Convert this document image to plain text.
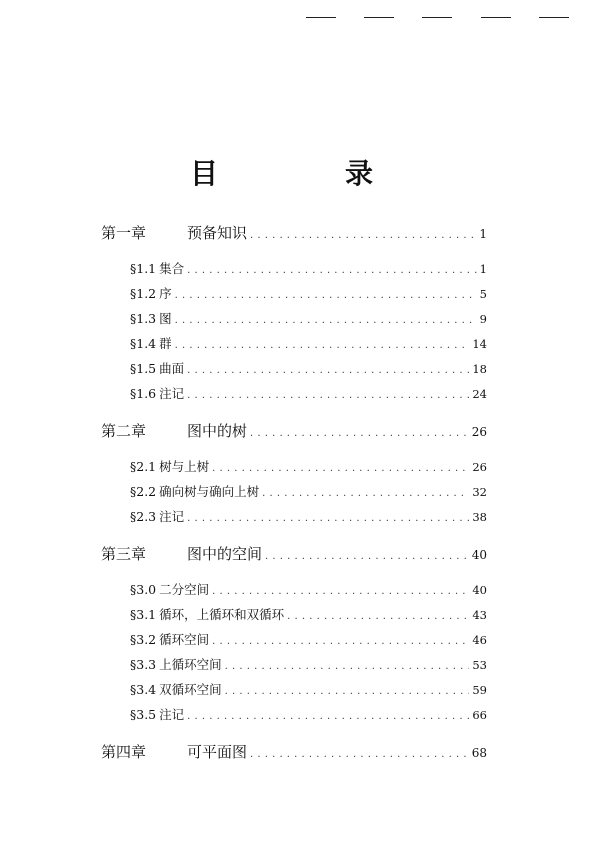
目	录
第一章	预备知识 . . .	1
§1.1 集合 . . .	1
§1.2 序 . . .	5
§1.3 图 . . .	9
§1.4 群 . . .	14
§1.5 曲面 . . .	18
§1.6 注记 . . .	24
第二章	图中的树 . . .	26
§2.1 树与上树 . . .	26
§2.2 确向树与确向上树 . . .	32
§2.3 注记 . . .	38
第三章	图中的空间 . . .	40
§3.0 二分空间 . . .	40
§3.1 循环，上循环和双循环 . . .	43
§3.2 循环空间 . . .	46
§3.3 上循环空间 . . .	53
§3.4 双循环空间 . . .	59
§3.5 注记 . . .	66
第四章	可平面图 . . .	68
